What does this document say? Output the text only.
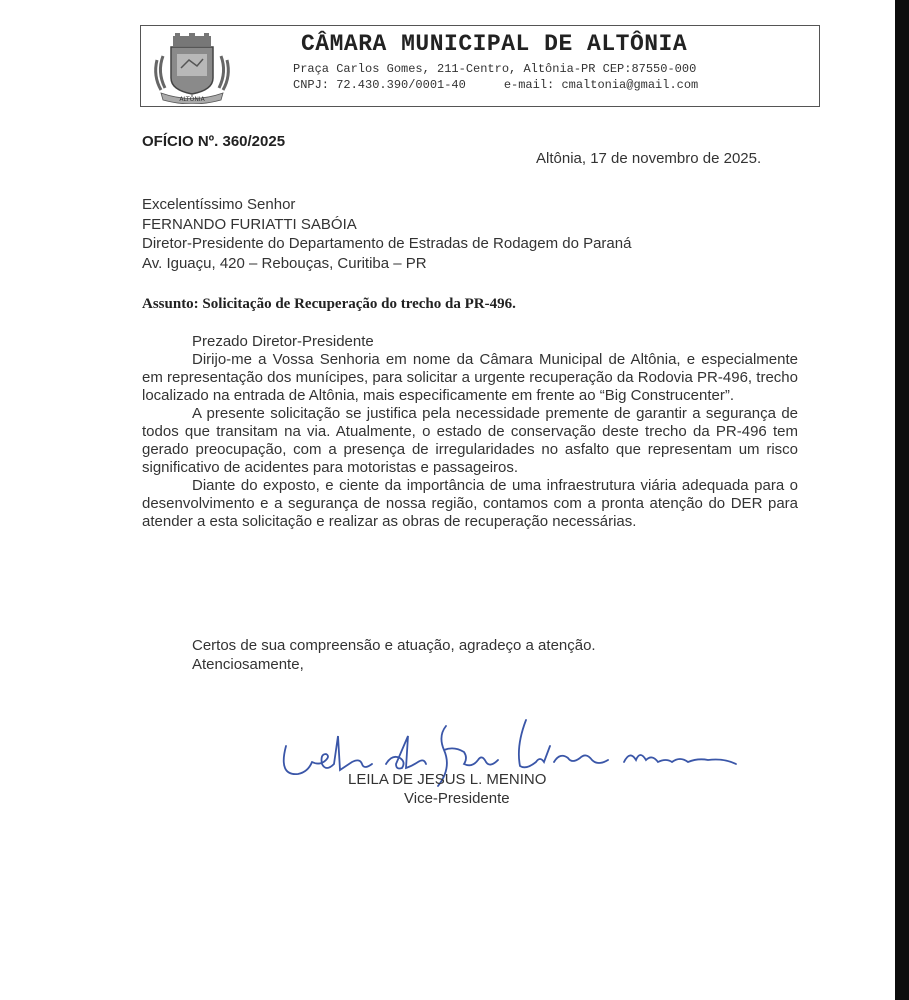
ALTÔNIA
CÂMARA MUNICIPAL DE ALTÔNIA
Praça Carlos Gomes, 211-Centro, Altônia-PR CEP:87550-000
CNPJ: 72.430.390/0001-40	e-mail: cmaltonia@gmail.com
OFÍCIO Nº. 360/2025
Altônia, 17 de novembro de 2025.
Excelentíssimo Senhor
FERNANDO FURIATTI SABÓIA
Diretor-Presidente do Departamento de Estradas de Rodagem do Paraná
Av. Iguaçu, 420 – Rebouças, Curitiba – PR
Assunto: Solicitação de Recuperação do trecho da PR-496.

Prezado Diretor-Presidente

Dirijo-me a Vossa Senhoria em nome da Câmara Municipal de Altônia, e especialmente em representação dos munícipes, para solicitar a urgente recuperação da Rodovia PR-496, trecho localizado na entrada de Altônia, mais especificamente em frente ao “Big Construcenter”.

A presente solicitação se justifica pela necessidade premente de garantir a segurança de todos que transitam na via. Atualmente, o estado de conservação deste trecho da PR-496 tem gerado preocupação, com a presença de irregularidades no asfalto que representam um risco significativo de acidentes para motoristas e passageiros.

Diante do exposto, e ciente da importância de uma infraestrutura viária adequada para o desenvolvimento e a segurança de nossa região, contamos com a pronta atenção do DER para atender a esta solicitação e realizar as obras de recuperação necessárias.

Certos de sua compreensão e atuação, agradeço a atenção.
Atenciosamente,
LEILA DE JESUS L. MENINO
Vice-Presidente
